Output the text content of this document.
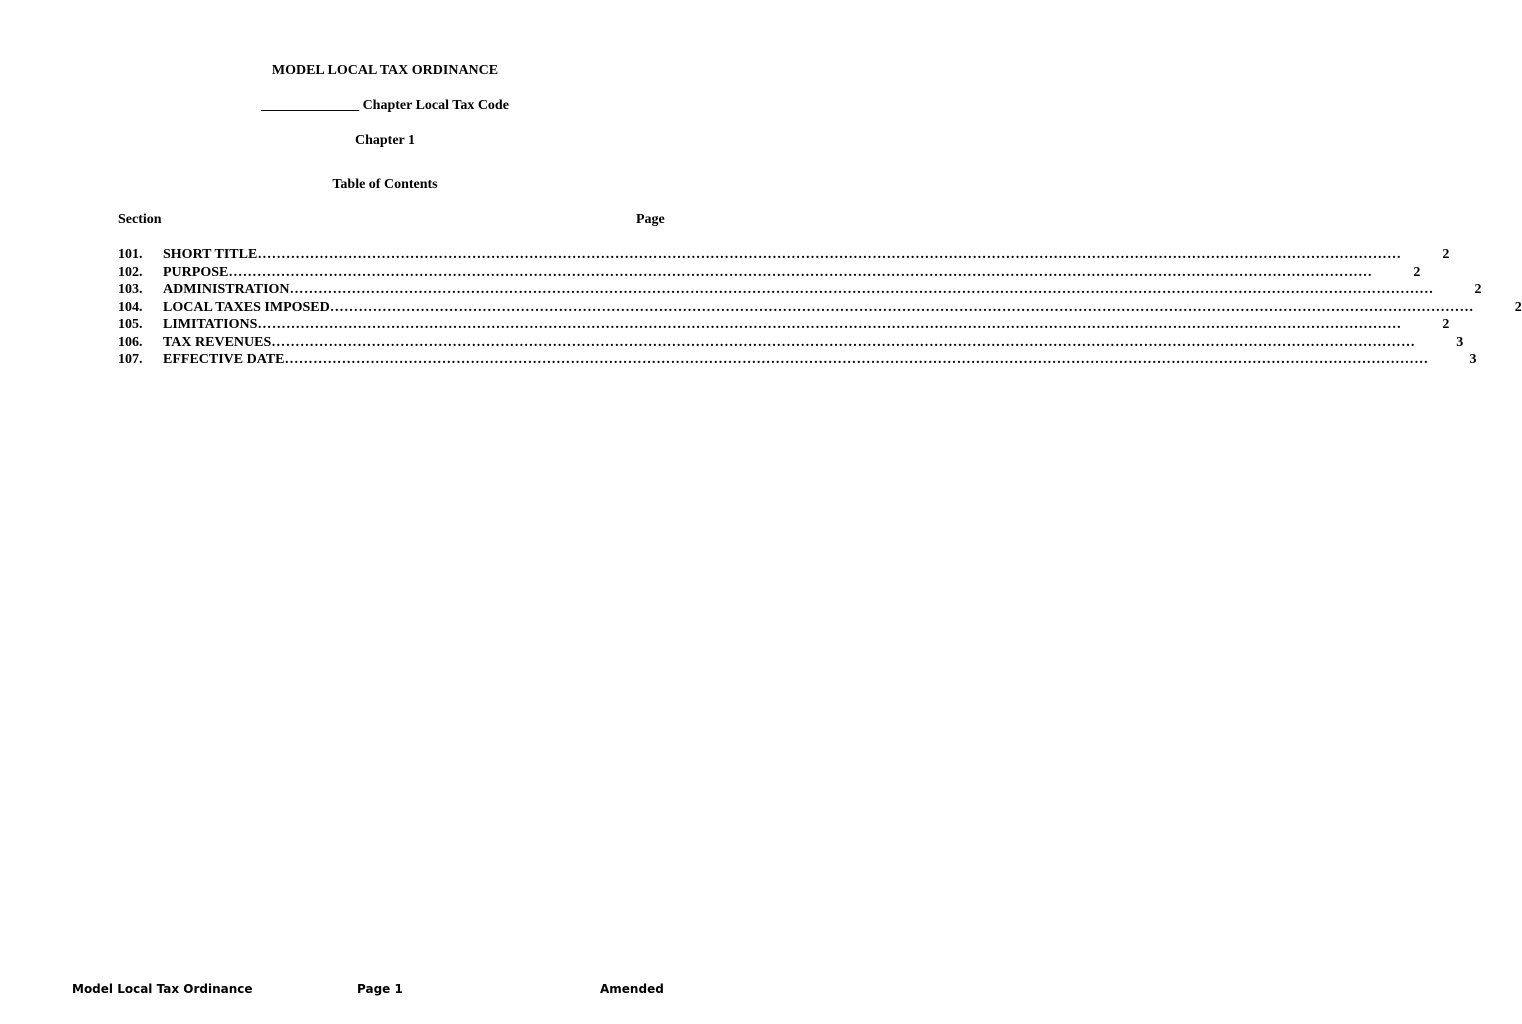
MODEL LOCAL TAX ORDINANCE
______________ Chapter Local Tax Code
Chapter 1
Table of Contents
Section	Page
101.	SHORT TITLE ……………………………………………………………………………………………………………………………………………………………………………………………………………………	2
102.	PURPOSE ……………………………………………………………………………………………………………………………………………………………………………………………………………………	2
103.	ADMINISTRATION ……………………………………………………………………………………………………………………………………………………………………………………………………………………	2
104.	LOCAL TAXES IMPOSED ……………………………………………………………………………………………………………………………………………………………………………………………………………………	2
105.	LIMITATIONS ……………………………………………………………………………………………………………………………………………………………………………………………………………………	2
106.	TAX REVENUES ……………………………………………………………………………………………………………………………………………………………………………………………………………………	3
107.	EFFECTIVE DATE ……………………………………………………………………………………………………………………………………………………………………………………………………………………	3
Model Local Tax Ordinance	Page 1	Amended
